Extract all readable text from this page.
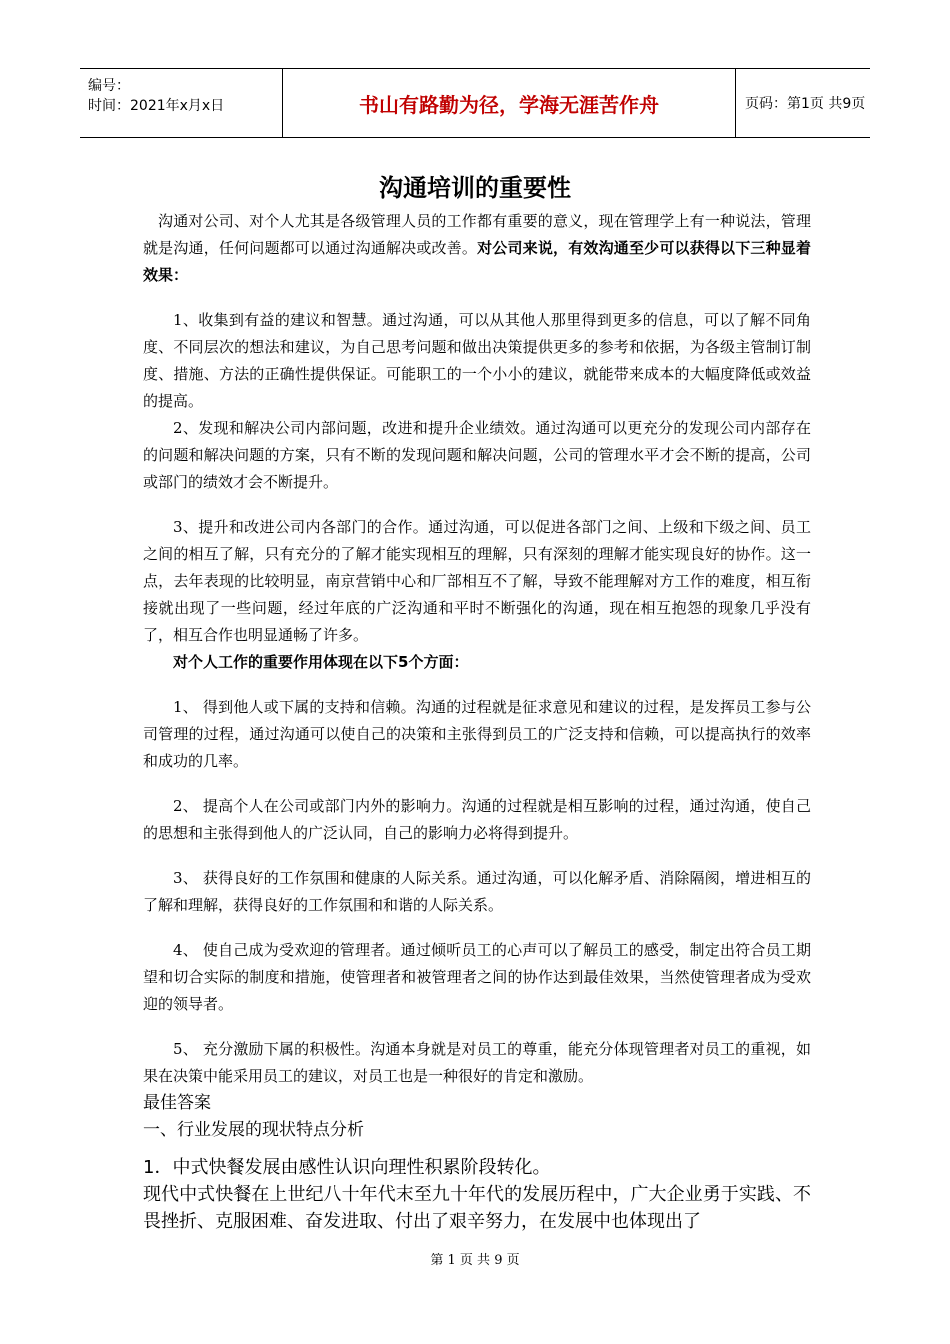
编号：
时间：2021年x月x日	书山有路勤为径，学海无涯苦作舟	页码：第1页 共9页
沟通培训的重要性

沟通对公司、对个人尤其是各级管理人员的工作都有重要的意义，现在管理学上有一种说法，管理就是沟通，任何问题都可以通过沟通解决或改善。对公司来说，有效沟通至少可以获得以下三种显着效果：

1、收集到有益的建议和智慧。通过沟通，可以从其他人那里得到更多的信息，可以了解不同角度、不同层次的想法和建议，为自己思考问题和做出决策提供更多的参考和依据，为各级主管制订制度、措施、方法的正确性提供保证。可能职工的一个小小的建议，就能带来成本的大幅度降低或效益的提高。

2、发现和解决公司内部问题，改进和提升企业绩效。通过沟通可以更充分的发现公司内部存在的问题和解决问题的方案，只有不断的发现问题和解决问题，公司的管理水平才会不断的提高，公司或部门的绩效才会不断提升。

3、提升和改进公司内各部门的合作。通过沟通，可以促进各部门之间、上级和下级之间、员工之间的相互了解，只有充分的了解才能实现相互的理解，只有深刻的理解才能实现良好的协作。这一点，去年表现的比较明显，南京营销中心和厂部相互不了解，导致不能理解对方工作的难度，相互衔接就出现了一些问题，经过年底的广泛沟通和平时不断强化的沟通，现在相互抱怨的现象几乎没有了，相互合作也明显通畅了许多。

对个人工作的重要作用体现在以下5个方面：

1、 得到他人或下属的支持和信赖。沟通的过程就是征求意见和建议的过程，是发挥员工参与公司管理的过程，通过沟通可以使自己的决策和主张得到员工的广泛支持和信赖，可以提高执行的效率和成功的几率。

2、 提高个人在公司或部门内外的影响力。沟通的过程就是相互影响的过程，通过沟通，使自己的思想和主张得到他人的广泛认同，自己的影响力必将得到提升。

3、 获得良好的工作氛围和健康的人际关系。通过沟通，可以化解矛盾、消除隔阂，增进相互的了解和理解，获得良好的工作氛围和和谐的人际关系。

4、 使自己成为受欢迎的管理者。通过倾听员工的心声可以了解员工的感受，制定出符合员工期望和切合实际的制度和措施，使管理者和被管理者之间的协作达到最佳效果，当然使管理者成为受欢迎的领导者。

5、 充分激励下属的积极性。沟通本身就是对员工的尊重，能充分体现管理者对员工的重视，如果在决策中能采用员工的建议，对员工也是一种很好的肯定和激励。

最佳答案

一、行业发展的现状特点分析

1．中式快餐发展由感性认识向理性积累阶段转化。

现代中式快餐在上世纪八十年代末至九十年代的发展历程中，广大企业勇于实践、不畏挫折、克服困难、奋发进取、付出了艰辛努力，在发展中也体现出了

第 1 页 共 9 页
